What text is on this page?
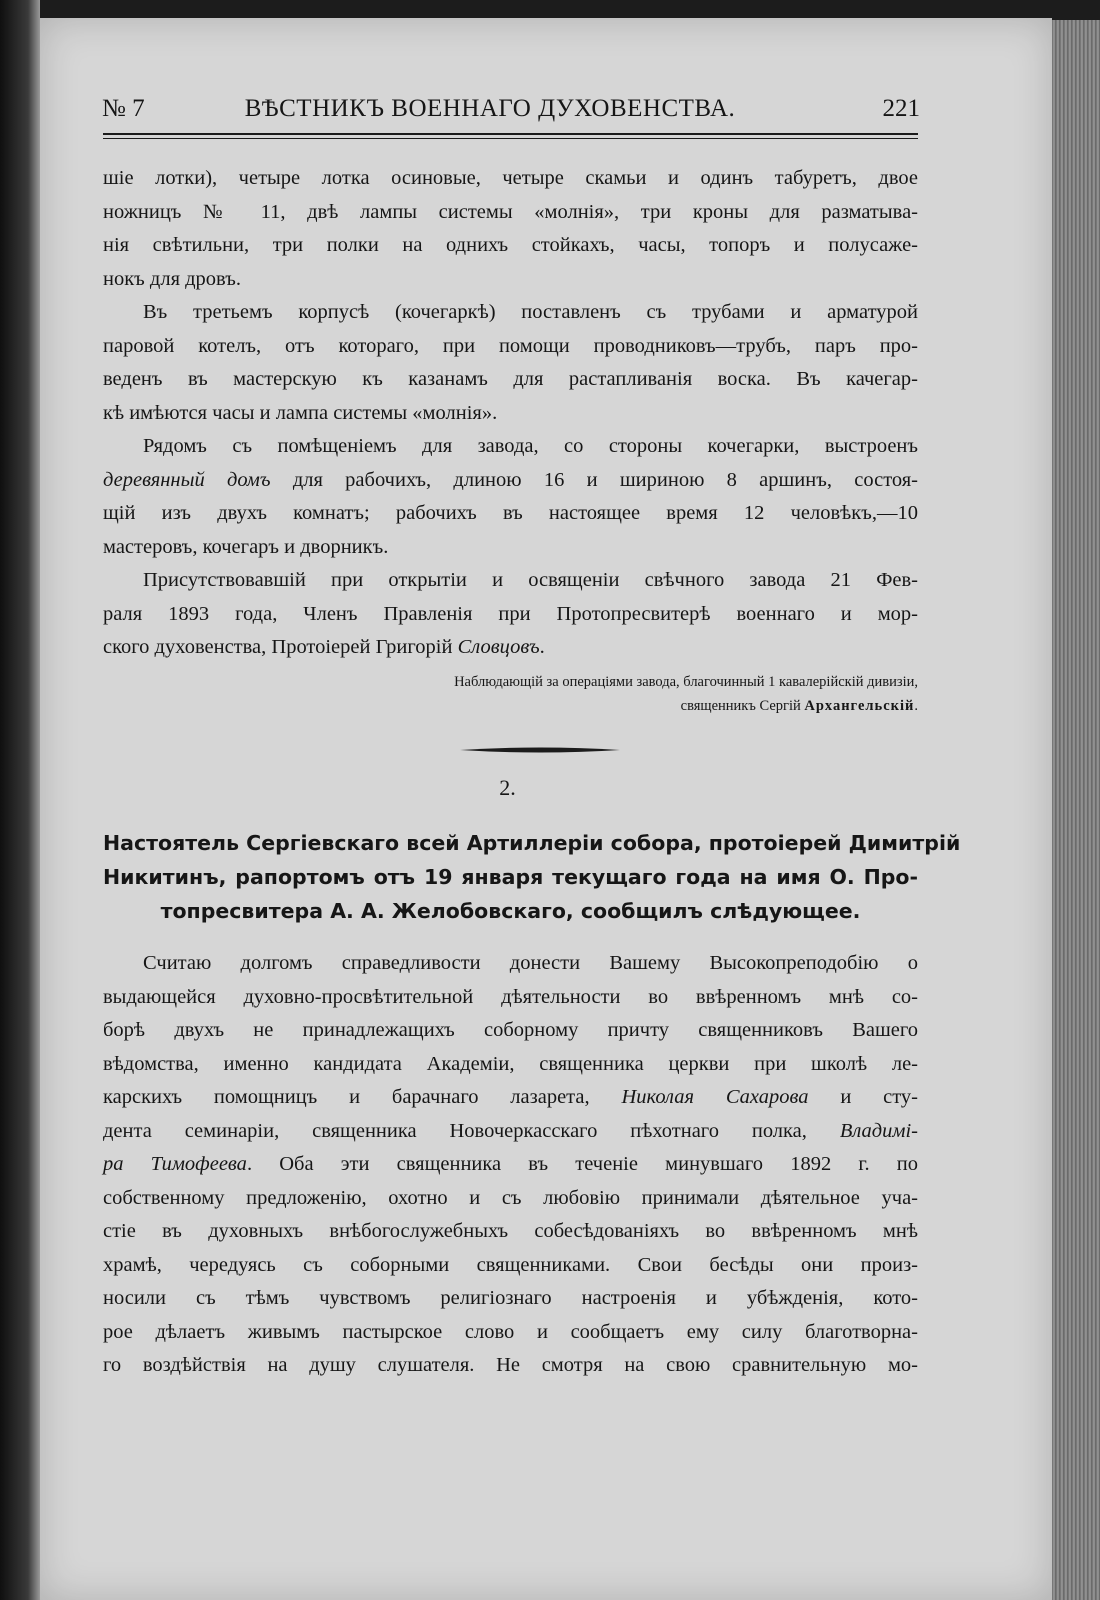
№ 7	ВѢСТНИКЪ ВОЕННАГО ДУХОВЕНСТВА.	221
шіе лотки), четыре лотка осиновые, четыре скамьи и одинъ табуретъ, двое
ножницъ № 11, двѣ лампы системы «молнія», три кроны для разматыва-
нія свѣтильни, три полки на однихъ стойкахъ, часы, топоръ и полусаже-
нокъ для дровъ.
Въ третьемъ корпусѣ (кочегаркѣ) поставленъ съ трубами и арматурой
паровой котелъ, отъ котораго, при помощи проводниковъ—трубъ, паръ про-
веденъ въ мастерскую къ казанамъ для растапливанія воска. Въ качегар-
кѣ имѣются часы и лампа системы «молнія».
Рядомъ съ помѣщеніемъ для завода, со стороны кочегарки, выстроенъ
деревянный домъ для рабочихъ, длиною 16 и шириною 8 аршинъ, состоя-
щій изъ двухъ комнатъ; рабочихъ въ настоящее время 12 человѣкъ,—10
мастеровъ, кочегаръ и дворникъ.
Присутствовавшій при открытіи и освященіи свѣчного завода 21 Фев-
раля 1893 года, Членъ Правленія при Протопресвитерѣ военнаго и мор-
ского духовенства, Протоіерей Григорій Словцовъ.
Наблюдающій за операціями завода, благочинный 1 кавалерійскій дивизіи,
священникъ Сергій Архангельскій.
2.
Настоятель Сергіевскаго всей Артиллеріи собора, протоіерей Димитрій
Никитинъ, рапортомъ отъ 19 января текущаго года на имя О. Про-
топресвитера А. А. Желобовскаго, сообщилъ слѣдующее.
Считаю долгомъ справедливости донести Вашему Высокопреподобію о
выдающейся духовно-просвѣтительной дѣятельности во ввѣренномъ мнѣ со-
борѣ двухъ не принадлежащихъ соборному причту священниковъ Вашего
вѣдомства, именно кандидата Академіи, священника церкви при школѣ ле-
карскихъ помощницъ и барачнаго лазарета, Николая Сахарова и сту-
дента семинаріи, священника Новочеркасскаго пѣхотнаго полка, Владимі-
ра Тимофеева. Оба эти священника въ теченіе минувшаго 1892 г. по
собственному предложенію, охотно и съ любовію принимали дѣятельное уча-
стіе въ духовныхъ внѣбогослужебныхъ собесѣдованіяхъ во ввѣренномъ мнѣ
храмѣ, чередуясь съ соборными священниками. Свои бесѣды они произ-
носили съ тѣмъ чувствомъ религіознаго настроенія и убѣжденія, кото-
рое дѣлаетъ живымъ пастырское слово и сообщаетъ ему силу благотворна-
го воздѣйствія на душу слушателя. Не смотря на свою сравнительную мо-
